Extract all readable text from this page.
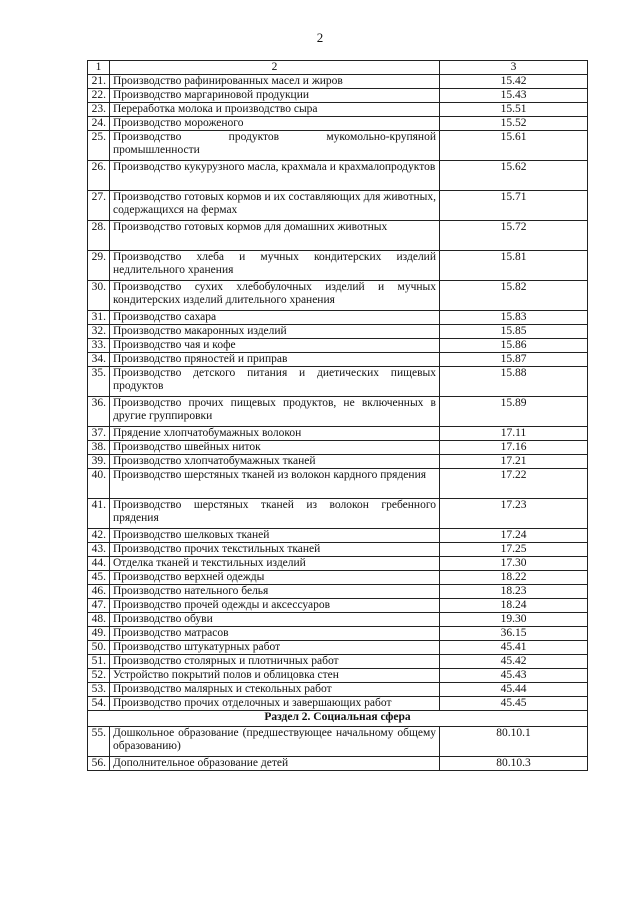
2
1	2	3
21.	Производство рафинированных масел и жиров	15.42
22.	Производство маргариновой продукции	15.43
23.	Переработка молока и производство сыра	15.51
24.	Производство мороженого	15.52
25.	Производство продуктов мукомольно-крупяной промышленности	15.61
26.	Производство кукурузного масла, крахмала и крахмалопродуктов	15.62
27.	Производство готовых кормов и их составляющих для животных, содержащихся на фермах	15.71
28.	Производство готовых кормов для домашних животных	15.72
29.	Производство хлеба и мучных кондитерских изделий недлительного хранения	15.81
30.	Производство сухих хлебобулочных изделий и мучных кондитерских изделий длительного хранения	15.82
31.	Производство сахара	15.83
32.	Производство макаронных изделий	15.85
33.	Производство чая и кофе	15.86
34.	Производство пряностей и приправ	15.87
35.	Производство детского питания и диетических пищевых продуктов	15.88
36.	Производство прочих пищевых продуктов, не включенных в другие группировки	15.89
37.	Прядение хлопчатобумажных волокон	17.11
38.	Производство швейных ниток	17.16
39.	Производство хлопчатобумажных тканей	17.21
40.	Производство шерстяных тканей из волокон кардного прядения	17.22
41.	Производство шерстяных тканей из волокон гребенного прядения	17.23
42.	Производство шелковых тканей	17.24
43.	Производство прочих текстильных тканей	17.25
44.	Отделка тканей и текстильных изделий	17.30
45.	Производство верхней одежды	18.22
46.	Производство нательного белья	18.23
47.	Производство прочей одежды и аксессуаров	18.24
48.	Производство обуви	19.30
49.	Производство матрасов	36.15
50.	Производство штукатурных работ	45.41
51.	Производство столярных и плотничных работ	45.42
52.	Устройство покрытий полов и облицовка стен	45.43
53.	Производство малярных и стекольных работ	45.44
54.	Производство прочих отделочных и завершающих работ	45.45
Раздел 2. Социальная сфера		
55.	Дошкольное образование (предшествующее начальному общему образованию)	80.10.1
56.	Дополнительное образование детей	80.10.3
